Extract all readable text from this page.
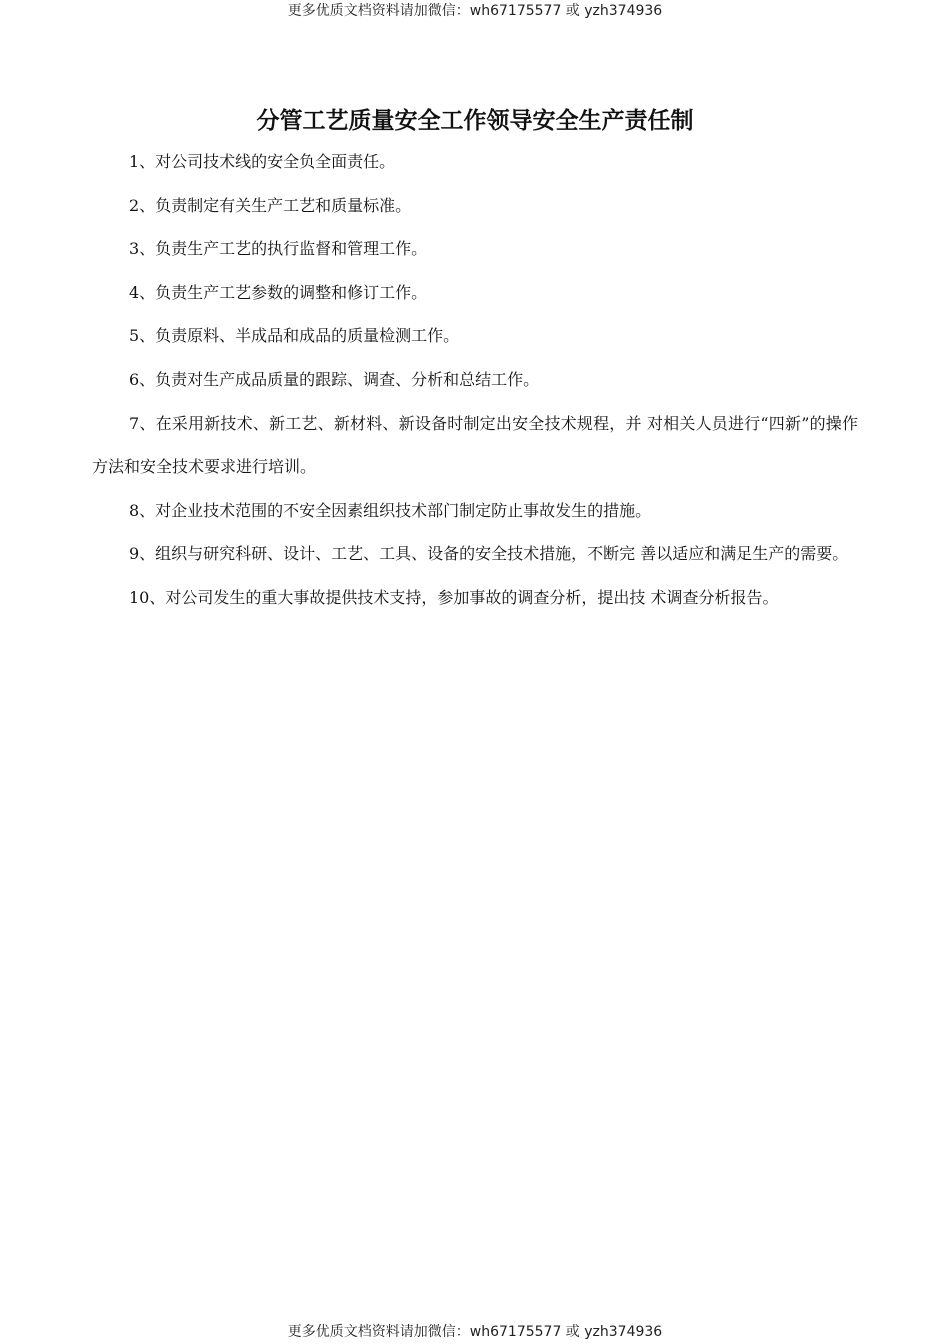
更多优质文档资料请加微信：wh67175577 或 yzh374936
分管工艺质量安全工作领导安全生产责任制

1、对公司技术线的安全负全面责任。

2、负责制定有关生产工艺和质量标准。

3、负责生产工艺的执行监督和管理工作。

4、负责生产工艺参数的调整和修订工作。

5、负责原料、半成品和成品的质量检测工作。

6、负责对生产成品质量的跟踪、调查、分析和总结工作。

7、在采用新技术、新工艺、新材料、新设备时制定出安全技术规程，并 对相关人员进行“四新”的操作方法和安全技术要求进行培训。

8、对企业技术范围的不安全因素组织技术部门制定防止事故发生的措施。

9、组织与研究科研、设计、工艺、工具、设备的安全技术措施，不断完 善以适应和满足生产的需要。

10、对公司发生的重大事故提供技术支持，参加事故的调查分析，提出技 术调查分析报告。

更多优质文档资料请加微信：wh67175577 或 yzh374936
